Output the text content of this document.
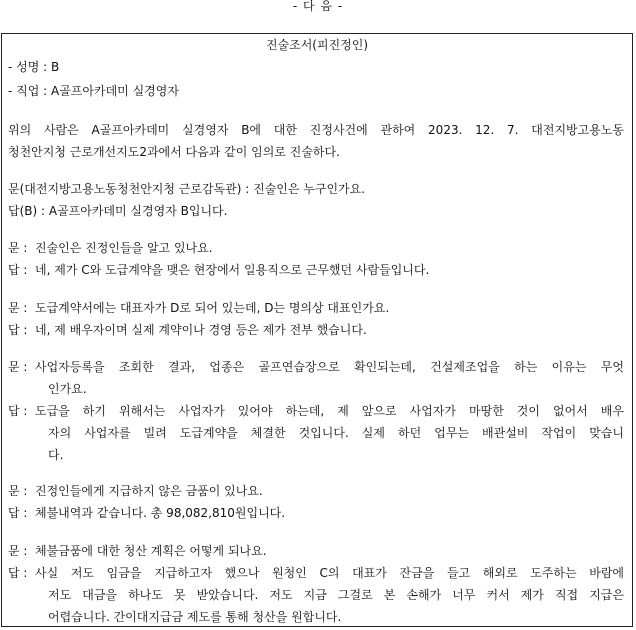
- 다 음 -
진술조서(피진정인)
- 성명 : B
- 직업 : A골프아카데미 실경영자
위의 사람은 A골프아카데미 실경영자 B에 대한 진정사건에 관하여 2023. 12. 7. 대전지방고용노동
청천안지청 근로개선지도2과에서 다음과 같이 임의로 진술하다.
문(대전지방고용노동청천안지청 근로감독관) : 진술인은 누구인가요.
답(B) : A골프아카데미 실경영자 B입니다.
문 : 진술인은 진정인들을 알고 있나요.
답 : 네, 제가 C와 도급계약을 맺은 현장에서 일용직으로 근무했던 사람들입니다.
문 : 도급계약서에는 대표자가 D로 되어 있는데, D는 명의상 대표인가요.
답 : 네, 제 배우자이며 실제 계약이나 경영 등은 제가 전부 했습니다.
문 : 사업자등록을 조회한 결과, 업종은 골프연습장으로 확인되는데, 건설제조업을 하는 이유는 무엇
인가요.
답 : 도급을 하기 위해서는 사업자가 있어야 하는데, 제 앞으로 사업자가 마땅한 것이 없어서 배우
자의 사업자를 빌려 도급계약을 체결한 것입니다. 실제 하던 업무는 배관설비 작업이 맞습니
다.
문 : 진정인들에게 지급하지 않은 금품이 있나요.
답 : 체불내역과 같습니다. 총 98,082,810원입니다.
문 : 체불금품에 대한 청산 계획은 어떻게 되나요.
답 : 사실 저도 임금을 지급하고자 했으나 원청인 C의 대표가 잔금을 들고 해외로 도주하는 바람에
저도 대금을 하나도 못 받았습니다. 저도 지금 그걸로 본 손해가 너무 커서 제가 직접 지급은
어렵습니다. 간이대지급금 제도를 통해 청산을 원합니다.
